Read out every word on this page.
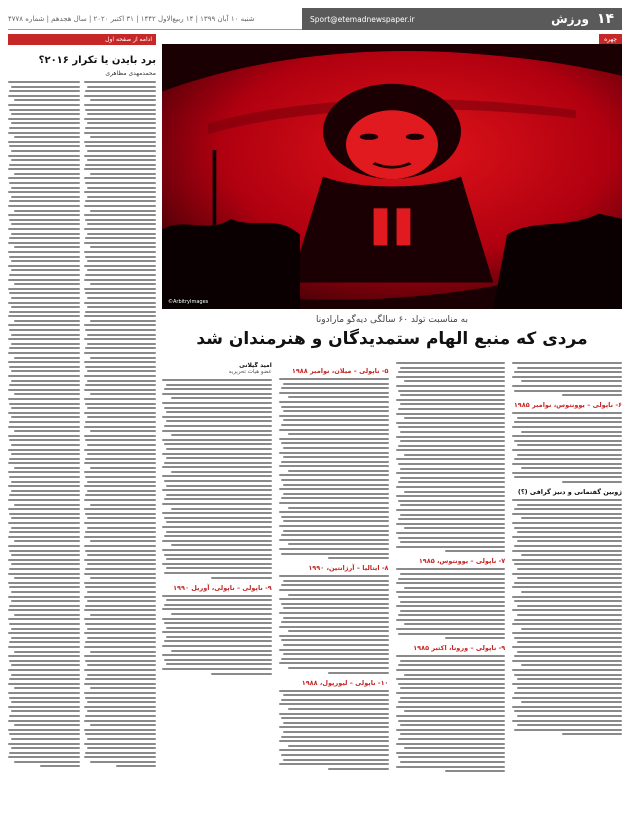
شنبه ۱۰ آبان ۱۳۹۹ | ۱۴ ربیع‌الاول ۱۴۴۲ | ۳۱ اکتبر ۲۰۲۰ | سال هجدهم | شماره ۴۷۷۸	Sport@etemadnewspaper.ir	ورزش ۱۴
ادامه از صفحه اول
برد بایدن یا تکرار ۲۰۱۶؟
محمدمهدی مظاهری
چهره
©ArbitryImages
به مناسبت تولد ۶۰ سالگی دیه‌گو مارادونا
مردی که منبع الهام ستمدیدگان و هنرمندان شد
امید گیلانی
عضو هیات تحریریه
۹- ناپولی – ناپولی، آوریل ۱۹۹۰
۵- ناپولی – میلان، نوامبر ۱۹۸۸
۸- ایتالیا – آرژانتین، ۱۹۹۰
۱۰- ناپولی – لیورپول، ۱۹۸۸
۷- ناپولی – یوونتوس، ۱۹۸۵
۹- ناپولی – ورونا، اکتبر ۱۹۸۵
۶- ناپولی – یوونتوس، نوامبر ۱۹۸۵
ژوبین گفتمانی و دنیز گرافی (؟)
